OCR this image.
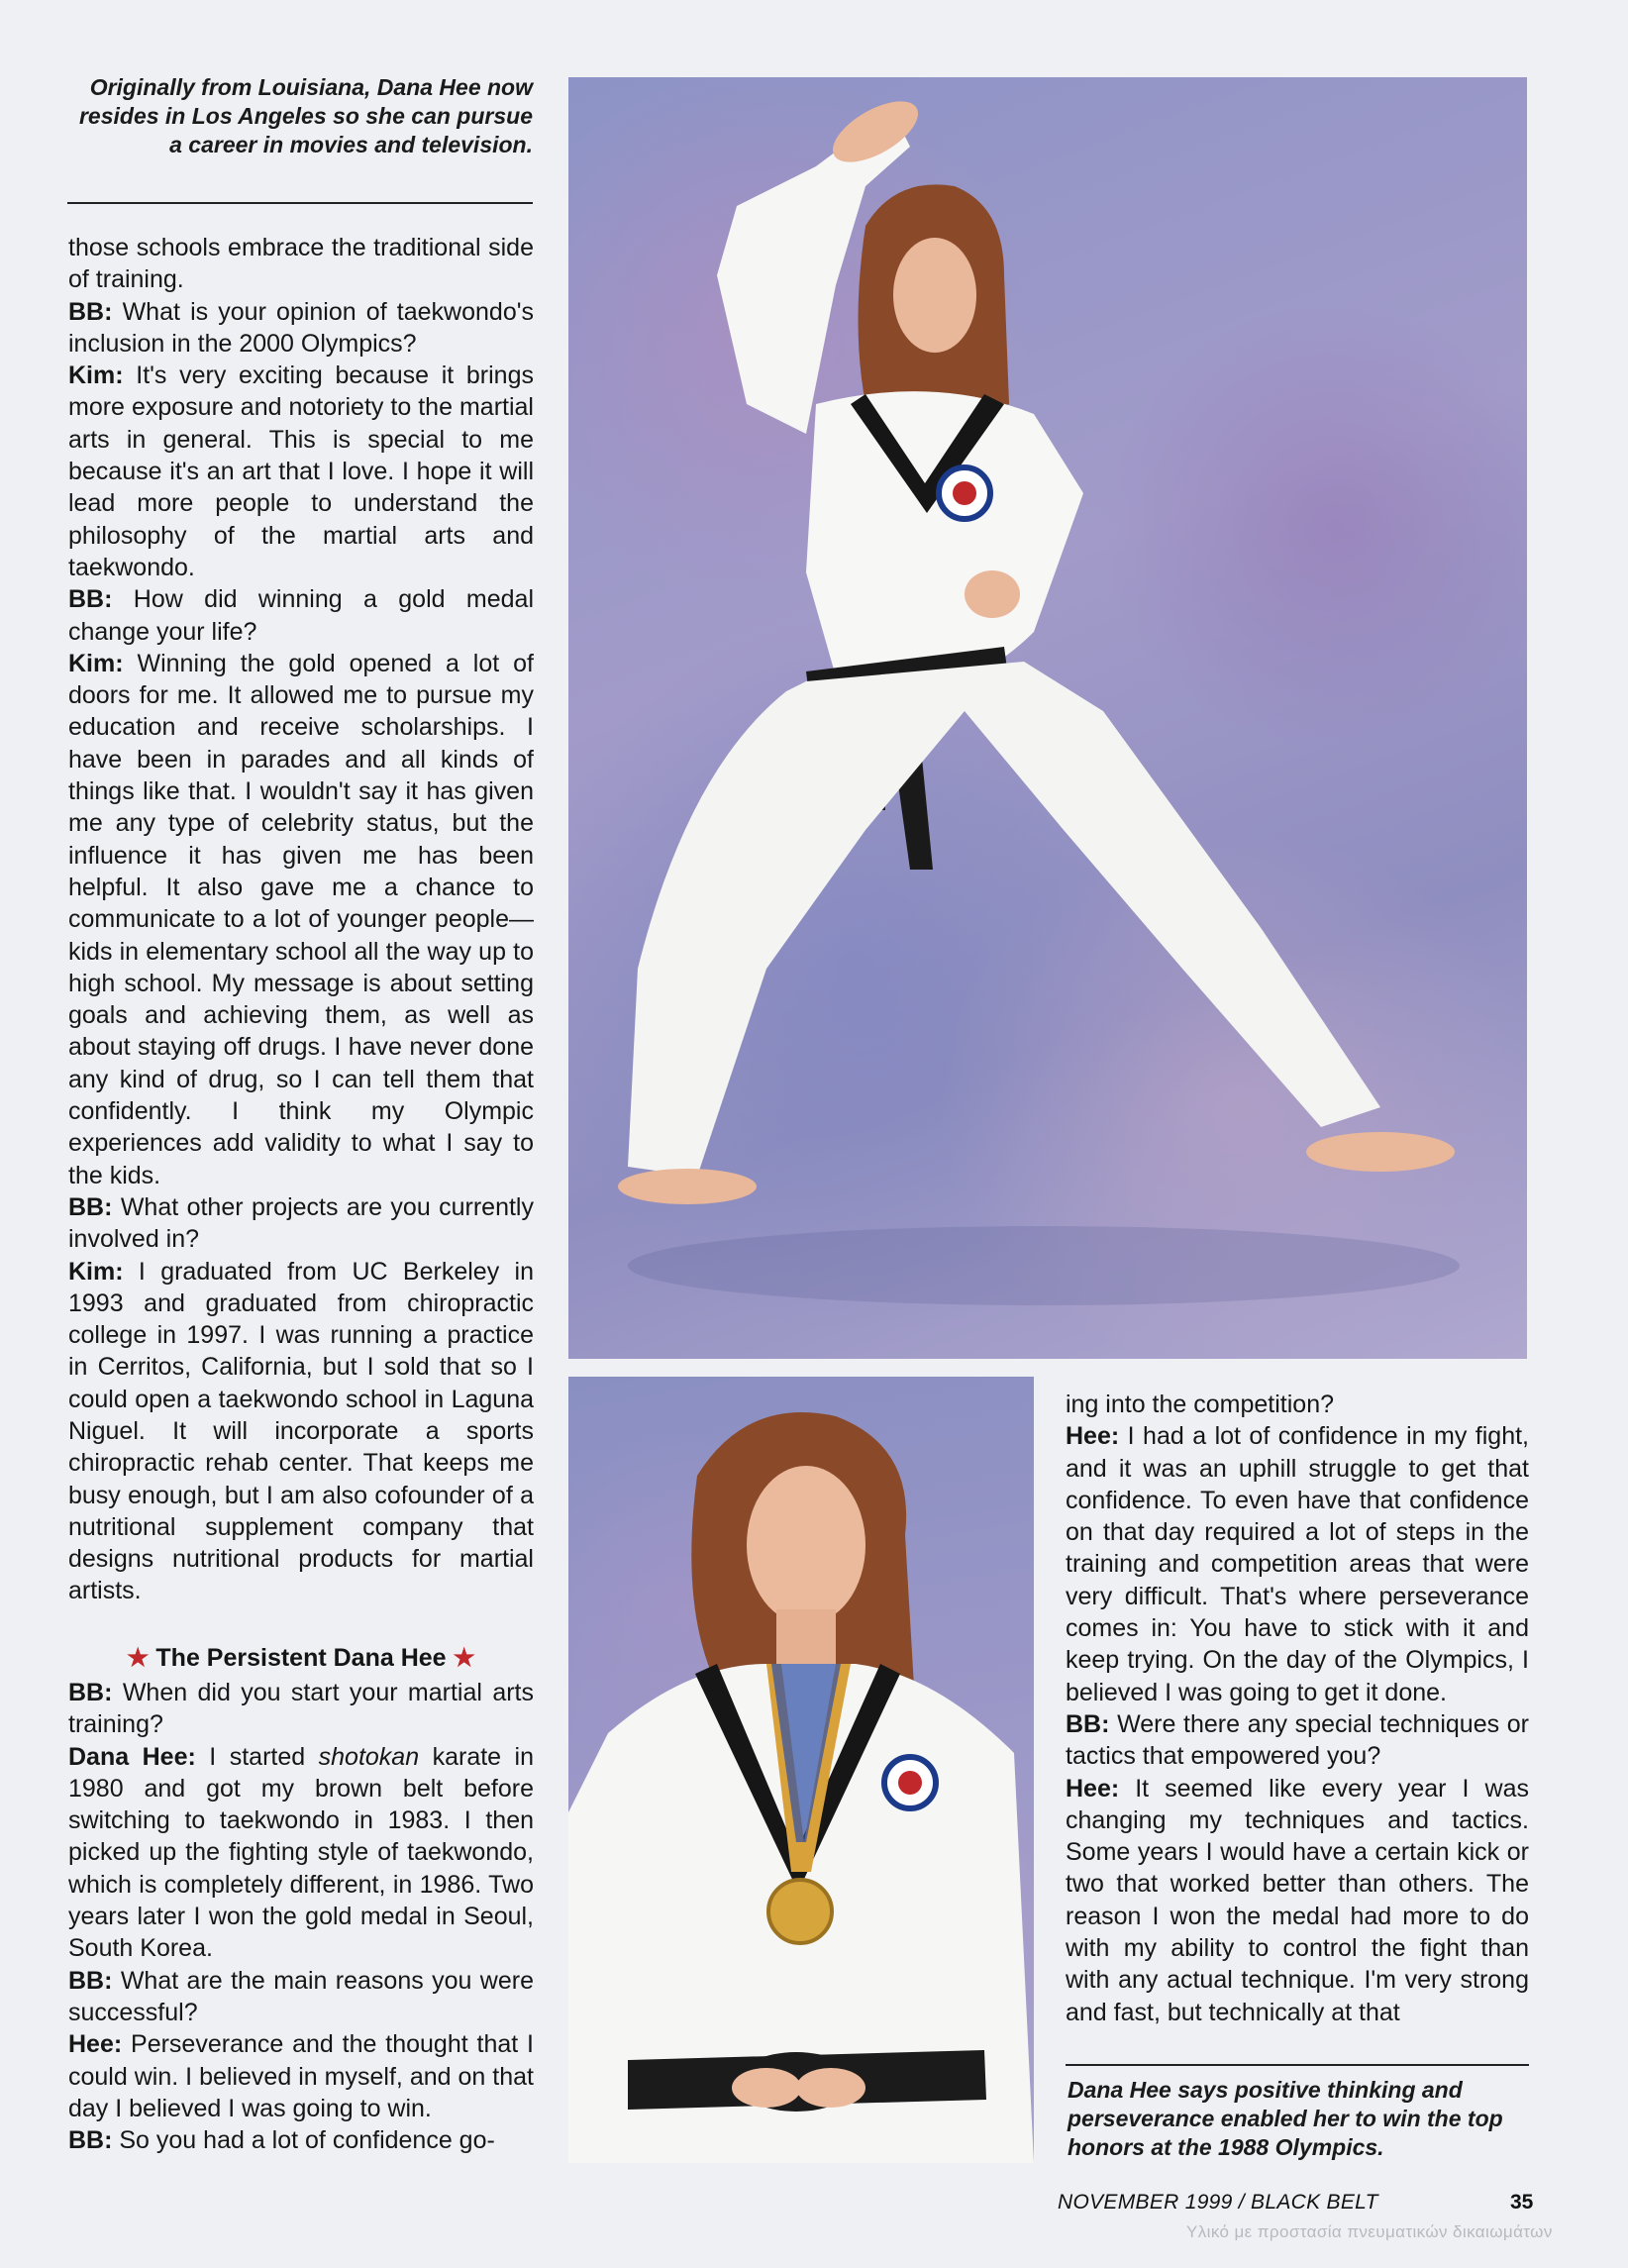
Originally from Louisiana, Dana Hee now resides in Los Angeles so she can pursue a career in movies and television.

those schools embrace the traditional side of training.

BB: What is your opinion of taekwondo's inclusion in the 2000 Olympics?

Kim: It's very exciting because it brings more exposure and notoriety to the martial arts in general. This is special to me because it's an art that I love. I hope it will lead more people to understand the philosophy of the martial arts and taekwondo.

BB: How did winning a gold medal change your life?

Kim: Winning the gold opened a lot of doors for me. It allowed me to pursue my education and receive scholarships. I have been in parades and all kinds of things like that. I wouldn't say it has given me any type of celebrity status, but the influence it has given me has been helpful. It also gave me a chance to communicate to a lot of younger people—kids in elementary school all the way up to high school. My message is about setting goals and achieving them, as well as about staying off drugs. I have never done any kind of drug, so I can tell them that confidently. I think my Olympic experiences add validity to what I say to the kids.

BB: What other projects are you currently involved in?

Kim: I graduated from UC Berkeley in 1993 and graduated from chiropractic college in 1997. I was running a practice in Cerritos, California, but I sold that so I could open a taekwondo school in Laguna Niguel. It will incorporate a sports chiropractic rehab center. That keeps me busy enough, but I am also cofounder of a nutritional supplement company that designs nutritional products for martial artists.

★ The Persistent Dana Hee ★

BB: When did you start your martial arts training?

Dana Hee: I started shotokan karate in 1980 and got my brown belt before switching to taekwondo in 1983. I then picked up the fighting style of taekwondo, which is completely different, in 1986. Two years later I won the gold medal in Seoul, South Korea.

BB: What are the main reasons you were successful?

Hee: Perseverance and the thought that I could win. I believed in myself, and on that day I believed I was going to win.

BB: So you had a lot of confidence go-

ing into the competition?

Hee: I had a lot of confidence in my fight, and it was an uphill struggle to get that confidence. To even have that confidence on that day required a lot of steps in the training and competition areas that were very difficult. That's where perseverance comes in: You have to stick with it and keep trying. On the day of the Olympics, I believed I was going to get it done.

BB: Were there any special techniques or tactics that empowered you?

Hee: It seemed like every year I was changing my techniques and tactics. Some years I would have a certain kick or two that worked better than others. The reason I won the medal had more to do with my ability to control the fight than with any actual technique. I'm very strong and fast, but technically at that

Dana Hee says positive thinking and perseverance enabled her to win the top honors at the 1988 Olympics.
NOVEMBER 1999 / BLACK BELT	35
Υλικό με προστασία πνευματικών δικαιωμάτων
